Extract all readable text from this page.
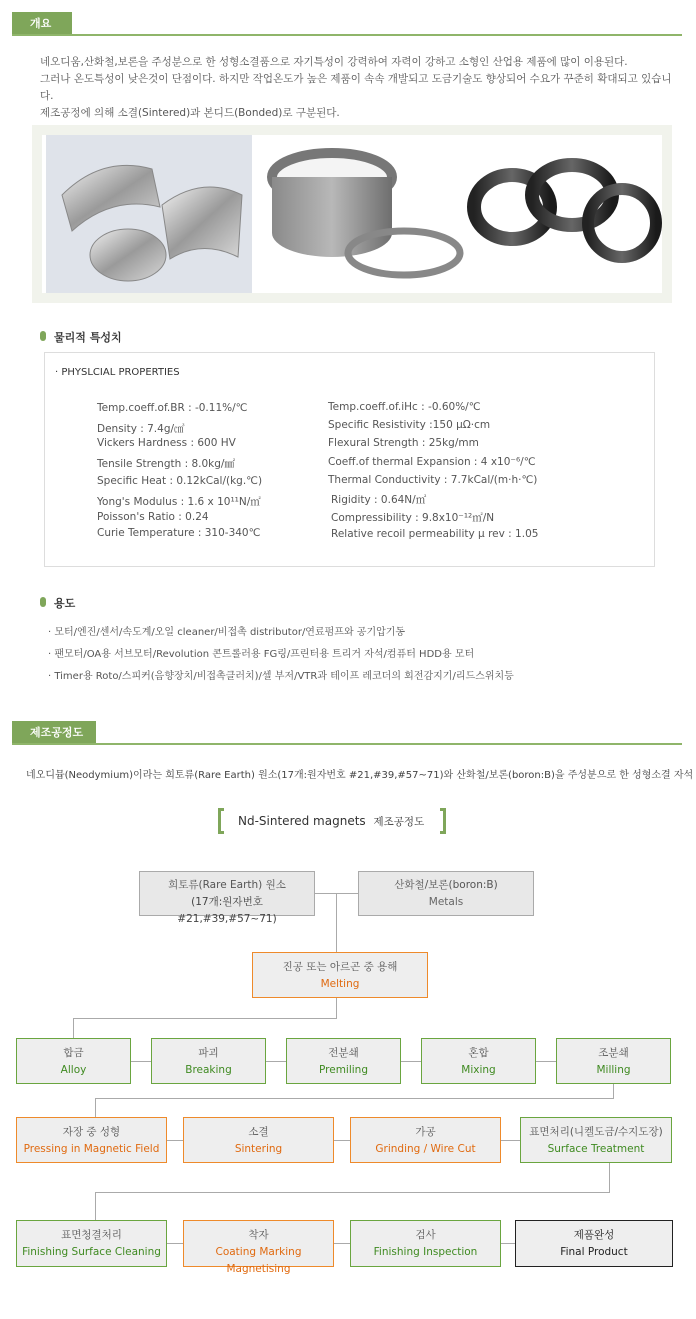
개요
네오디움,산화철,보론을 주성분으로 한 성형소결품으로 자기특성이 강력하여 자력이 강하고 소형인 산업용 제품에 많이 이용된다.
그러나 온도특성이 낮은것이 단점이다. 하지만 작업온도가 높은 제품이 속속 개발되고 도금기술도 향상되어 수요가 꾸준히 확대되고 있습니다.
제조공정에 의해 소결(Sintered)과 본디드(Bonded)로 구분된다.
물리적 특성치
· PHYSLCIAL PROPERTIES
Temp.coeff.of.BR : -0.11%/℃
Density : 7.4g/㎤
Vickers Hardness : 600 HV
Tensile Strength : 8.0kg/㎟
Specific Heat : 0.12kCal/(kg.℃)
Yong's Modulus : 1.6 x 10¹¹N/㎡
Poisson's Ratio : 0.24
Curie Temperature : 310-340℃
Temp.coeff.of.iHc : -0.60%/℃
Specific Resistivity :150 μΩ·cm
Flexural Strength : 25kg/mm
Coeff.of thermal Expansion : 4 x10⁻⁶/℃
Thermal Conductivity : 7.7kCal/(m·h·℃)
Rigidity : 0.64N/㎡
Compressibility : 9.8x10⁻¹²㎡/N
Relative recoil permeability μ rev : 1.05
용도
· 모터/엔진/센서/속도계/오일 cleaner/비접촉 distributor/연료펌프와 공기압기동
· 팬모터/OA용 서브모터/Revolution 콘트롤러용 FG링/프린터용 트리거 자석/컴퓨터 HDD용 모터
· Timer용 Roto/스피커(음향장치/비접촉클러치)/셀 부저/VTR과 테이프 레코더의 회전감지기/리드스위치등
제조공정도
네오디뮴(Neodymium)이라는 희토류(Rare Earth) 원소(17개:원자번호 #21,#39,#57~71)와 산화철/보론(boron:B)을 주성분으로 한 성형소결 자석
Nd-Sintered magnets 제조공정도
희토류(Rare Earth) 원소
(17개:원자번호 #21,#39,#57~71)
산화철/보론(boron:B)
Metals
진공 또는 아르곤 중 용해
Melting
합금
Alloy
파괴
Breaking
전분쇄
Premiling
혼합
Mixing
조분쇄
Milling
자장 중 성형
Pressing in Magnetic Field
소결
Sintering
가공
Grinding / Wire Cut
표면처리(니켈도금/수지도장)
Surface Treatment
표면청결처리
Finishing Surface Cleaning
착자
Coating Marking Magnetising
검사
Finishing Inspection
제품완성
Final Product
